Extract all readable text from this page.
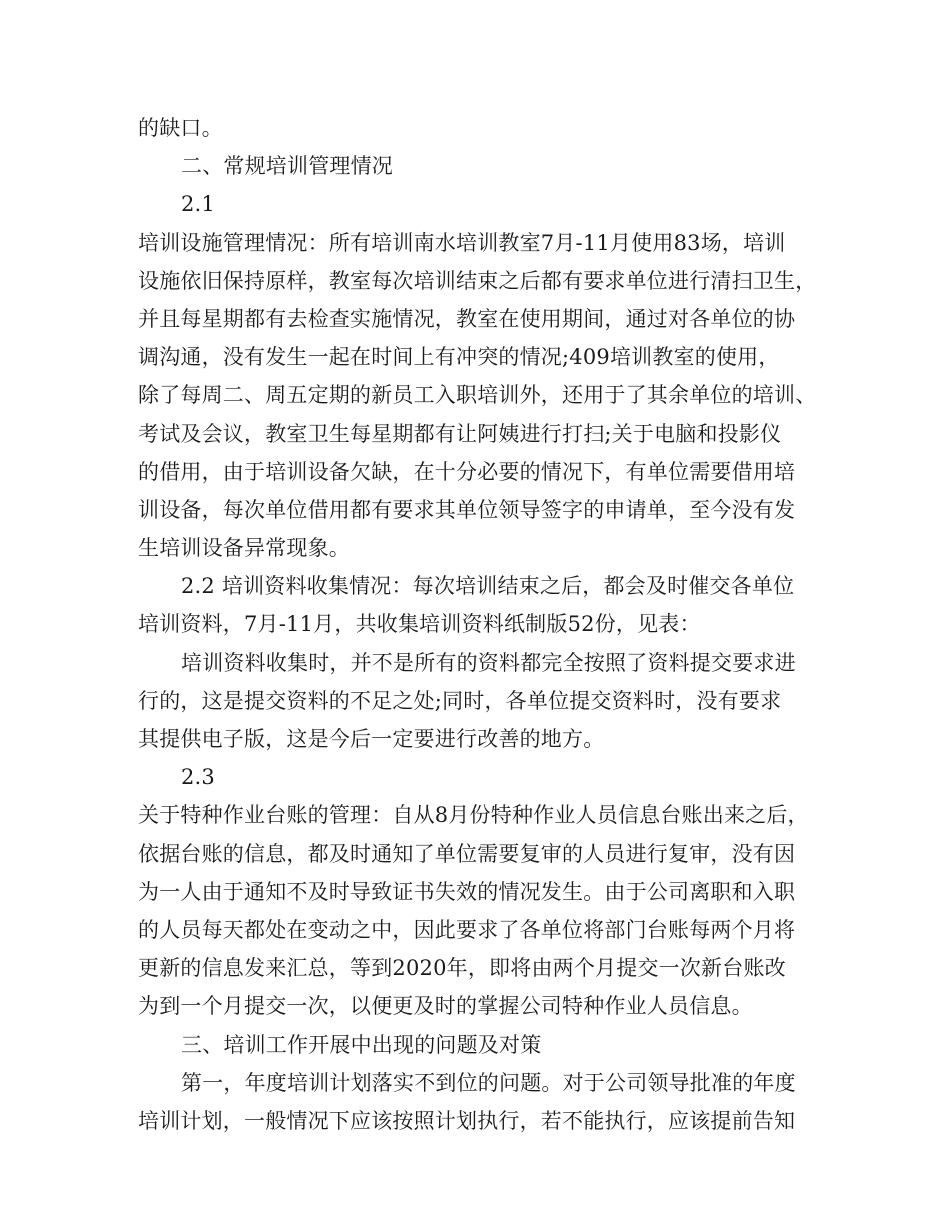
的缺口。
二、常规培训管理情况
2.1
培训设施管理情况：所有培训南水培训教室7月-11月使用83场，培训
设施依旧保持原样，教室每次培训结束之后都有要求单位进行清扫卫生，
并且每星期都有去检查实施情况，教室在使用期间，通过对各单位的协
调沟通，没有发生一起在时间上有冲突的情况;409培训教室的使用，
除了每周二、周五定期的新员工入职培训外，还用于了其余单位的培训、
考试及会议，教室卫生每星期都有让阿姨进行打扫;关于电脑和投影仪
的借用，由于培训设备欠缺，在十分必要的情况下，有单位需要借用培
训设备，每次单位借用都有要求其单位领导签字的申请单，至今没有发
生培训设备异常现象。
2.2 培训资料收集情况：每次培训结束之后，都会及时催交各单位
培训资料，7月-11月，共收集培训资料纸制版52份，见表：
培训资料收集时，并不是所有的资料都完全按照了资料提交要求进
行的，这是提交资料的不足之处;同时，各单位提交资料时，没有要求
其提供电子版，这是今后一定要进行改善的地方。
2.3
关于特种作业台账的管理：自从8月份特种作业人员信息台账出来之后，
依据台账的信息，都及时通知了单位需要复审的人员进行复审，没有因
为一人由于通知不及时导致证书失效的情况发生。由于公司离职和入职
的人员每天都处在变动之中，因此要求了各单位将部门台账每两个月将
更新的信息发来汇总，等到2020年，即将由两个月提交一次新台账改
为到一个月提交一次，以便更及时的掌握公司特种作业人员信息。
三、培训工作开展中出现的问题及对策
第一，年度培训计划落实不到位的问题。对于公司领导批准的年度
培训计划，一般情况下应该按照计划执行，若不能执行，应该提前告知
